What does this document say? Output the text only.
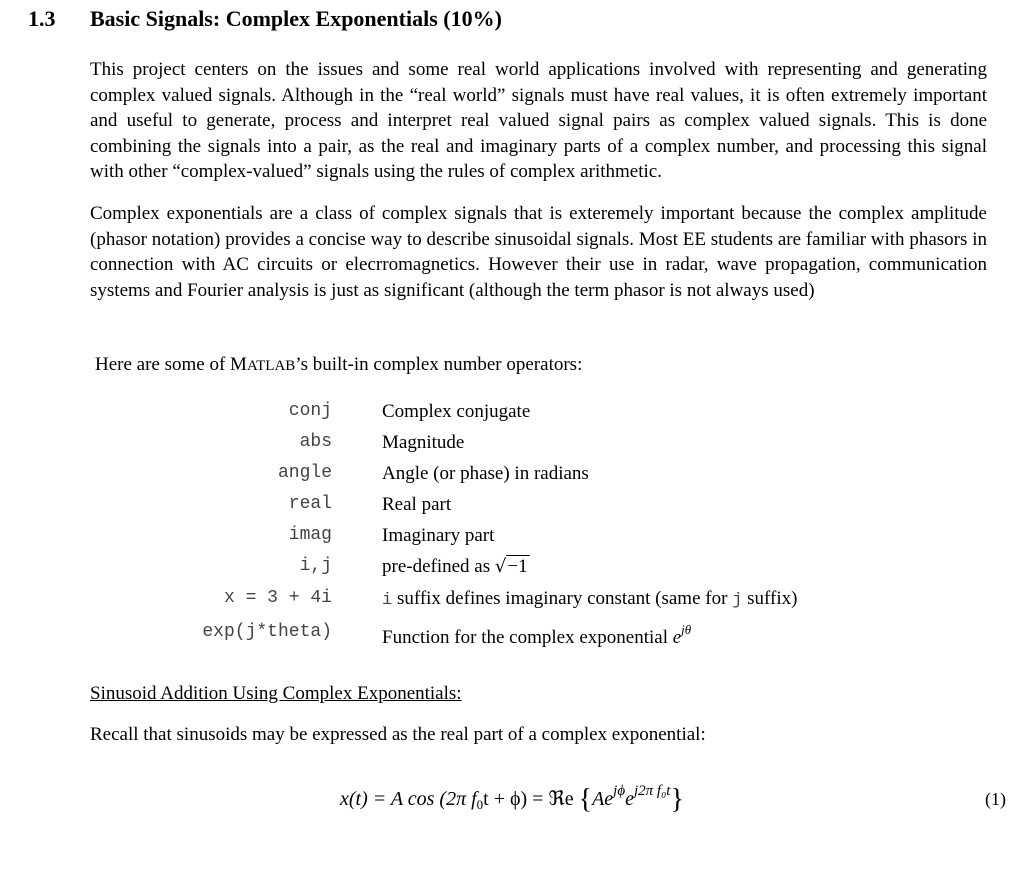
1.3 Basic Signals: Complex Exponentials (10%)

This project centers on the issues and some real world applications involved with representing and generating complex valued signals. Although in the “real world” signals must have real values, it is often extremely important and useful to generate, process and interpret real valued signal pairs as complex valued signals. This is done combining the signals into a pair, as the real and imaginary parts of a complex number, and processing this signal with other “complex-valued” signals using the rules of complex arithmetic.

Complex exponentials are a class of complex signals that is exteremely important because the complex amplitude (phasor notation) provides a concise way to describe sinusoidal signals. Most EE students are familiar with phasors in connection with AC circuits or elecrromagnetics. However their use in radar, wave propagation, communication systems and Fourier analysis is just as significant (although the term phasor is not always used)

Here are some of MATLAB’s built-in complex number operators:
conj	Complex conjugate
abs	Magnitude
angle	Angle (or phase) in radians
real	Real part
imag	Imaginary part
i,j	pre-defined as √−1
x = 3 + 4i	i suffix defines imaginary constant (same for j suffix)
exp(j*theta)	Function for the complex exponential $e^{j\theta}$
Sinusoid Addition Using Complex Exponentials:
Recall that sinusoids may be expressed as the real part of a complex exponential:
x(t) = A cos (2π $f_0t + \phi$) = ℜe $\{Ae^{j\phi}e^{j2\pi f_0t}\}$	(1)
